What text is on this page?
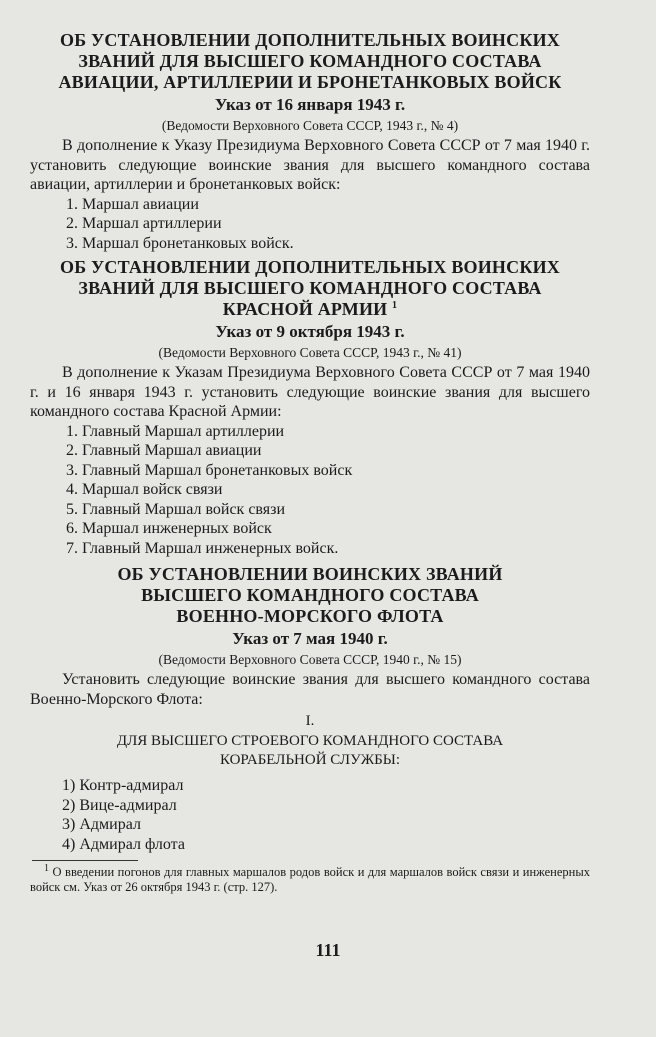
ОБ УСТАНОВЛЕНИИ ДОПОЛНИТЕЛЬНЫХ ВОИНСКИХ
ЗВАНИЙ ДЛЯ ВЫСШЕГО КОМАНДНОГО СОСТАВА
АВИАЦИИ, АРТИЛЛЕРИИ И БРОНЕТАНКОВЫХ ВОЙСК

Указ от 16 января 1943 г.

(Ведомости Верховного Совета СССР, 1943 г., № 4)

В дополнение к Указу Президиума Верховного Совета СССР от 7 мая 1940 г. установить следующие воинские звания для высшего командного состава авиации, артиллерии и бронетанковых войск:

1. Маршал авиации
2. Маршал артиллерии
3. Маршал бронетанковых войск.
ОБ УСТАНОВЛЕНИИ ДОПОЛНИТЕЛЬНЫХ ВОИНСКИХ
ЗВАНИЙ ДЛЯ ВЫСШЕГО КОМАНДНОГО СОСТАВА
КРАСНОЙ АРМИИ $^1$

Указ от 9 октября 1943 г.

(Ведомости Верховного Совета СССР, 1943 г., № 41)

В дополнение к Указам Президиума Верховного Совета СССР от 7 мая 1940 г. и 16 января 1943 г. установить следующие воинские звания для высшего командного состава Красной Армии:

1. Главный Маршал артиллерии
2. Главный Маршал авиации
3. Главный Маршал бронетанковых войск
4. Маршал войск связи
5. Главный Маршал войск связи
6. Маршал инженерных войск
7. Главный Маршал инженерных войск.
ОБ УСТАНОВЛЕНИИ ВОИНСКИХ ЗВАНИЙ
ВЫСШЕГО КОМАНДНОГО СОСТАВА
ВОЕННО-МОРСКОГО ФЛОТА

Указ от 7 мая 1940 г.

(Ведомости Верховного Совета СССР, 1940 г., № 15)

Установить следующие воинские звания для высшего командного состава Военно-Морского Флота:

I.

ДЛЯ ВЫСШЕГО СТРОЕВОГО КОМАНДНОГО СОСТАВА
КОРАБЕЛЬНОЙ СЛУЖБЫ:
1) Контр-адмирал
2) Вице-адмирал
3) Адмирал
4) Адмирал флота

$^1$ О введении погонов для главных маршалов родов войск и для маршалов войск связи и инженерных войск см. Указ от 26 октября 1943 г. (стр. 127).

111
